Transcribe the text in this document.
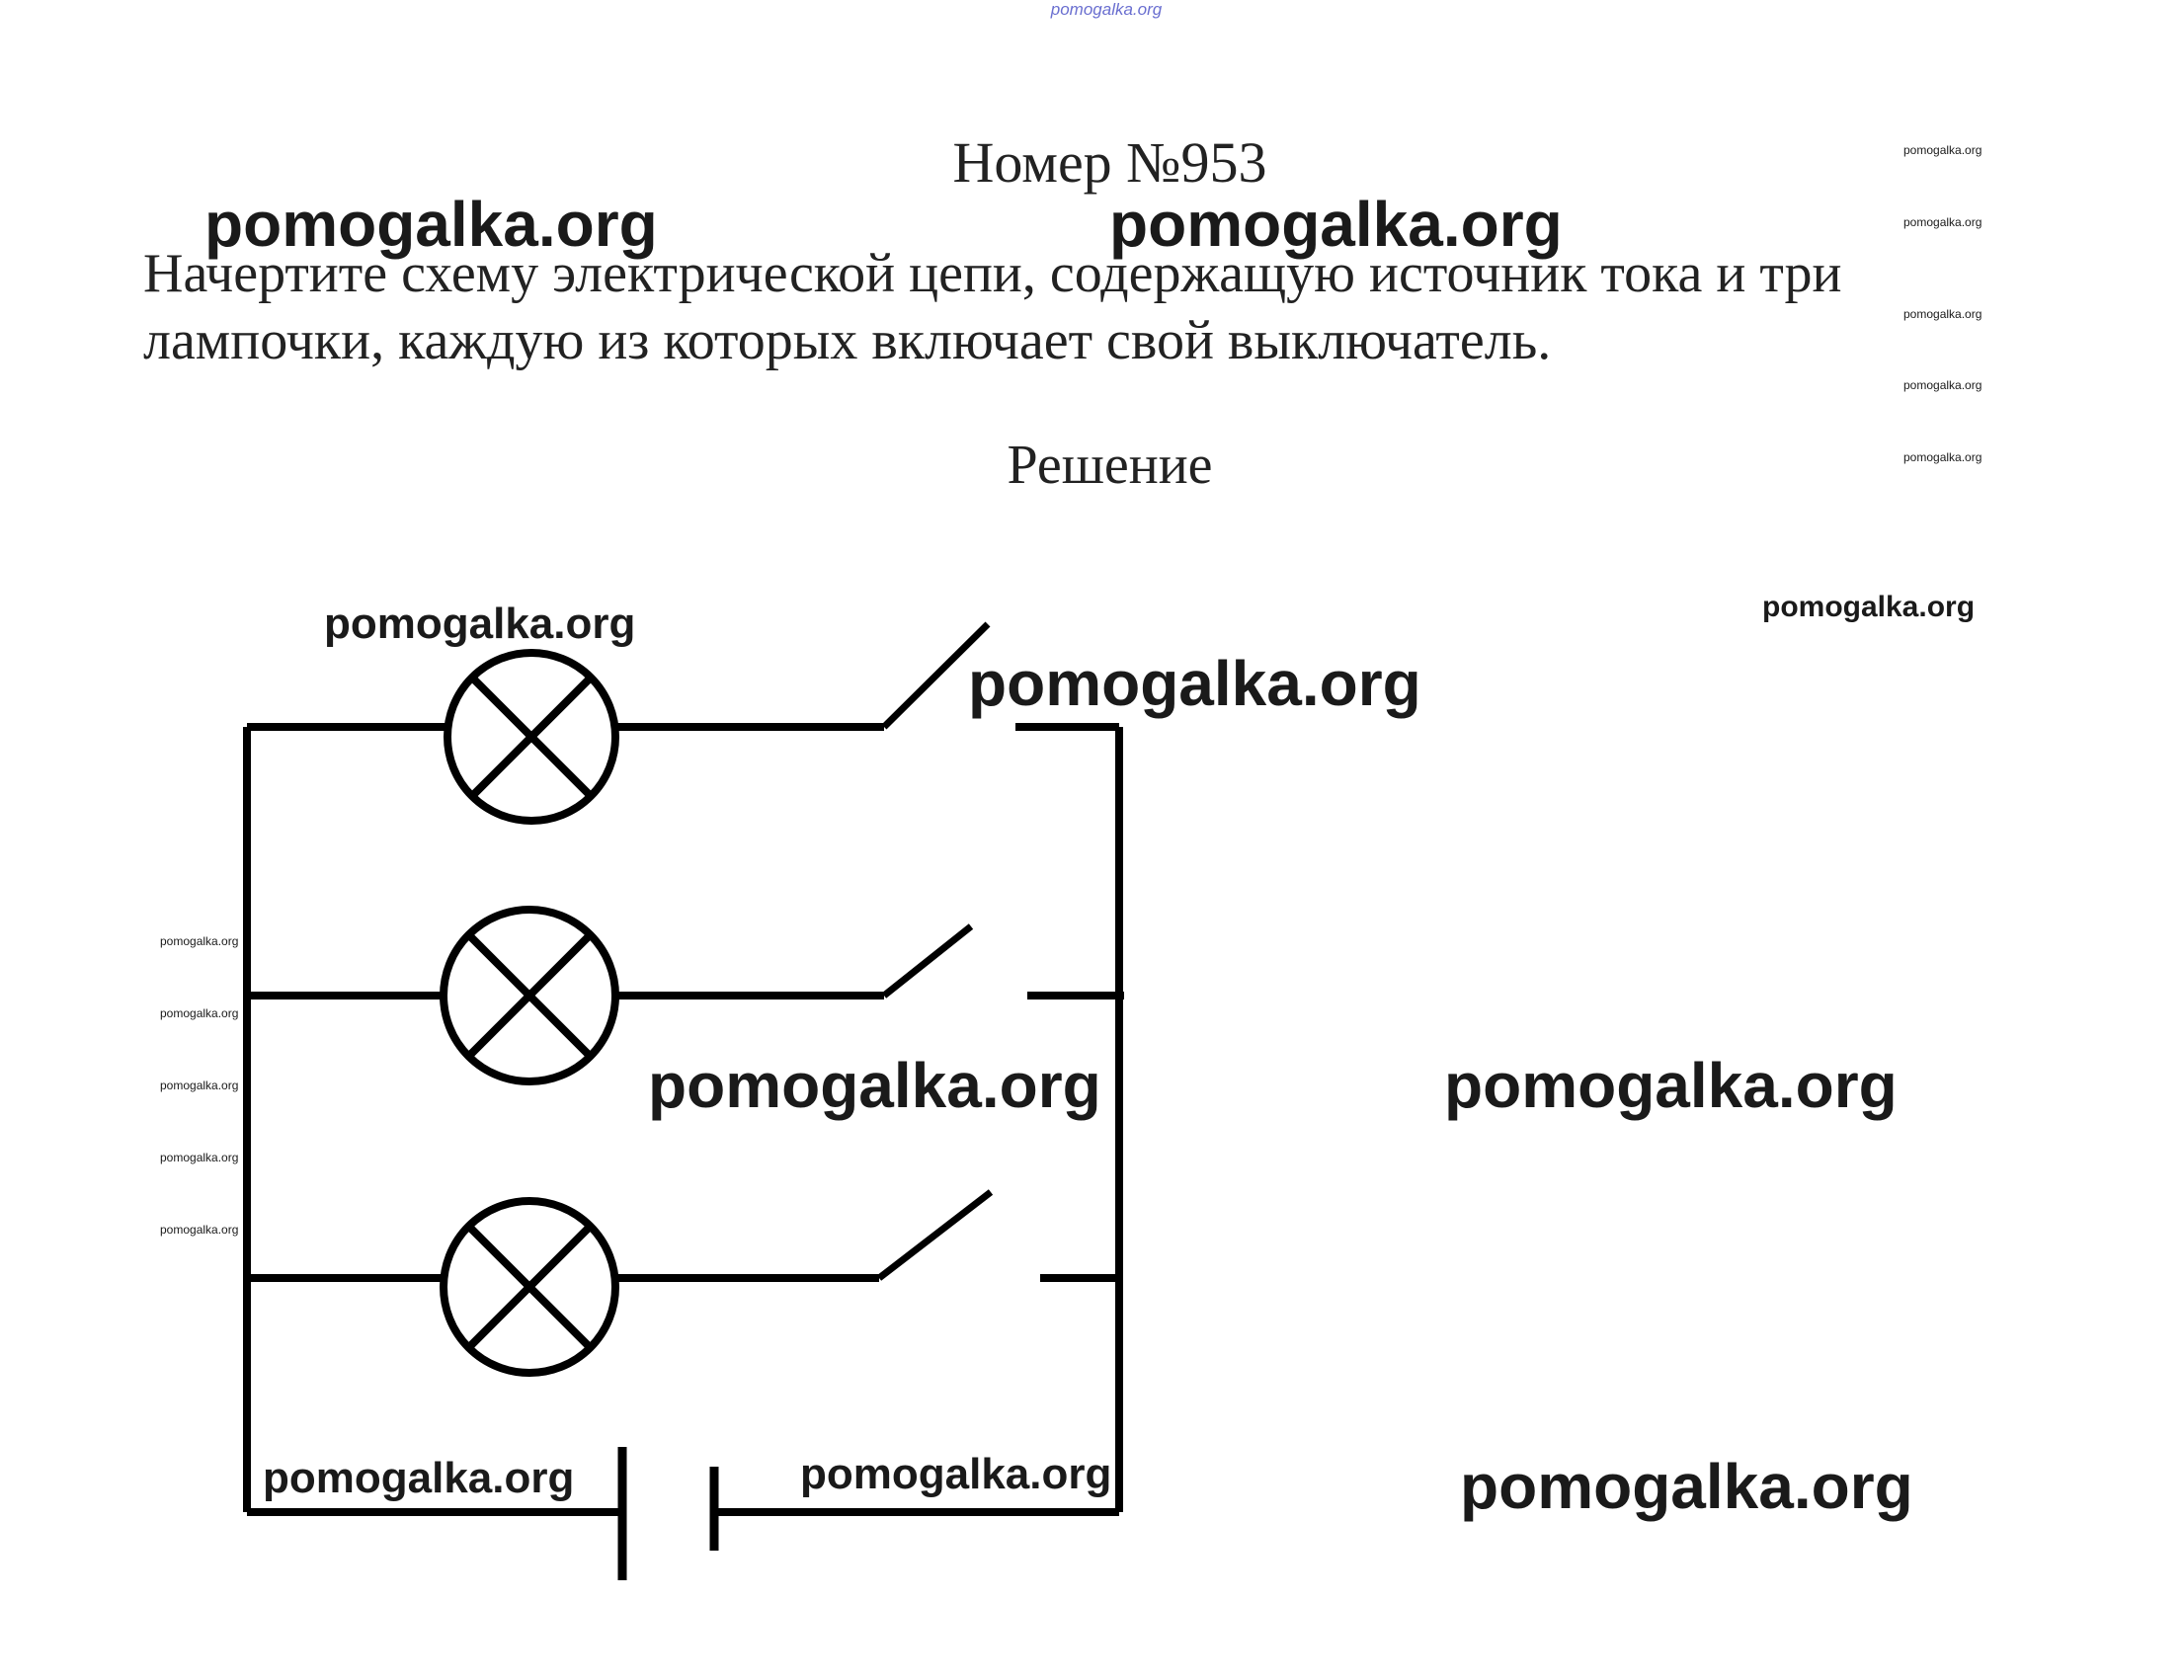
pomogalka.org
Номер №953
Начертите схему электрической цепи, содержащую источник тока и три
лампочки, каждую из которых включает свой выключатель.
Решение
pomogalka.org	pomogalka.org
pomogalka.org
pomogalka.org
pomogalka.org
pomogalka.org	pomogalka.org
pomogalka.org	pomogalka.org	pomogalka.org
pomogalka.org
pomogalka.org
pomogalka.org
pomogalka.org
pomogalka.org
pomogalka.org
pomogalka.org
pomogalka.org
pomogalka.org
pomogalka.org
